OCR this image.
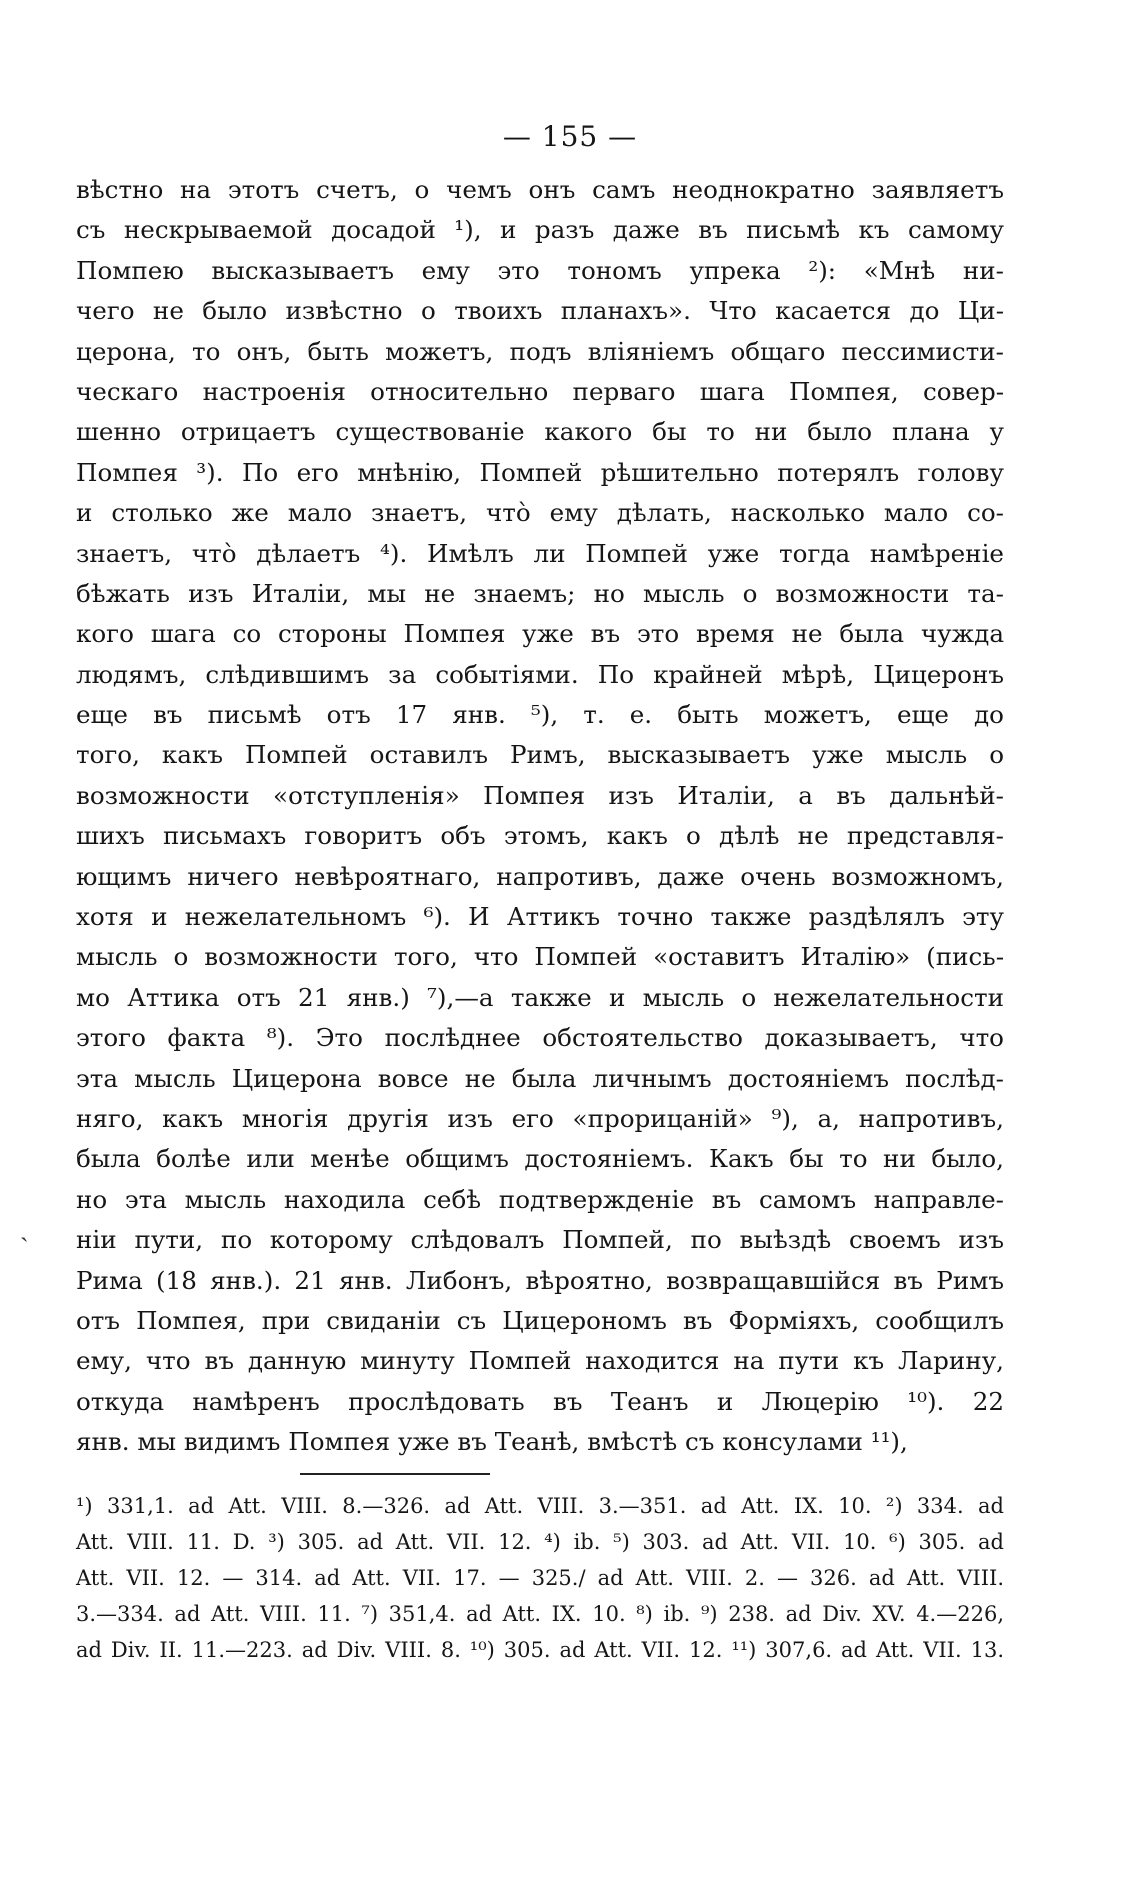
— 155 —
вѣстно на этотъ счетъ, о чемъ онъ самъ неоднократно заявляетъ
съ нескрываемой досадой ¹), и разъ даже въ письмѣ къ самому
Помпею высказываетъ ему это тономъ упрека ²): «Мнѣ ни-
чего не было извѣстно о твоихъ планахъ». Что касается до Ци-
церона, то онъ, быть можетъ, подъ вліяніемъ общаго пессимисти-
ческаго настроенія относительно перваго шага Помпея, совер-
шенно отрицаетъ существованіе какого бы то ни было плана у
Помпея ³). По его мнѣнію, Помпей рѣшительно потерялъ голову
и столько же мало знаетъ, что̀ ему дѣлать, насколько мало со-
знаетъ, что̀ дѣлаетъ ⁴). Имѣлъ ли Помпей уже тогда намѣреніе
бѣжать изъ Италіи, мы не знаемъ; но мысль о возможности та-
кого шага со стороны Помпея уже въ это время не была чужда
людямъ, слѣдившимъ за событіями. По крайней мѣрѣ, Цицеронъ
еще въ письмѣ отъ 17 янв. ⁵), т. е. быть можетъ, еще до
того, какъ Помпей оставилъ Римъ, высказываетъ уже мысль о
возможности «отступленія» Помпея изъ Италіи, а въ дальнѣй-
шихъ письмахъ говоритъ объ этомъ, какъ о дѣлѣ не представля-
ющимъ ничего невѣроятнаго, напротивъ, даже очень возможномъ,
хотя и нежелательномъ ⁶). И Аттикъ точно также раздѣлялъ эту
мысль о возможности того, что Помпей «оставитъ Италію» (пись-
мо Аттика отъ 21 янв.) ⁷),—а также и мысль о нежелательности
этого факта ⁸). Это послѣднее обстоятельство доказываетъ, что
эта мысль Цицерона вовсе не была личнымъ достояніемъ послѣд-
няго, какъ многія другія изъ его «прорицаній» ⁹), а, напротивъ,
была болѣе или менѣе общимъ достояніемъ. Какъ бы то ни было,
но эта мысль находила себѣ подтвержденіе въ самомъ направле-
ніи пути, по которому слѣдовалъ Помпей, по выѣздѣ своемъ изъ
Рима (18 янв.). 21 янв. Либонъ, вѣроятно, возвращавшійся въ Римъ
отъ Помпея, при свиданіи съ Цицерономъ въ Форміяхъ, сообщилъ
ему, что въ данную минуту Помпей находится на пути къ Ларину,
откуда намѣренъ прослѣдовать въ Теанъ и Люцерію ¹⁰). 22
янв. мы видимъ Помпея уже въ Теанѣ, вмѣстѣ съ консулами ¹¹),
ˏ
¹) 331,1. ad Att. VIII. 8.—326. ad Att. VIII. 3.—351. ad Att. IX. 10. ²) 334. ad
Att. VIII. 11. D. ³) 305. ad Att. VII. 12. ⁴) ib. ⁵) 303. ad Att. VII. 10. ⁶) 305. ad
Att. VII. 12. — 314. ad Att. VII. 17. — 325./ ad Att. VIII. 2. — 326. ad Att. VIII.
3.—334. ad Att. VIII. 11. ⁷) 351,4. ad Att. IX. 10. ⁸) ib. ⁹) 238. ad Div. XV. 4.—226,
ad Div. II. 11.—223. ad Div. VIII. 8. ¹⁰) 305. ad Att. VII. 12. ¹¹) 307,6. ad Att. VII. 13.
